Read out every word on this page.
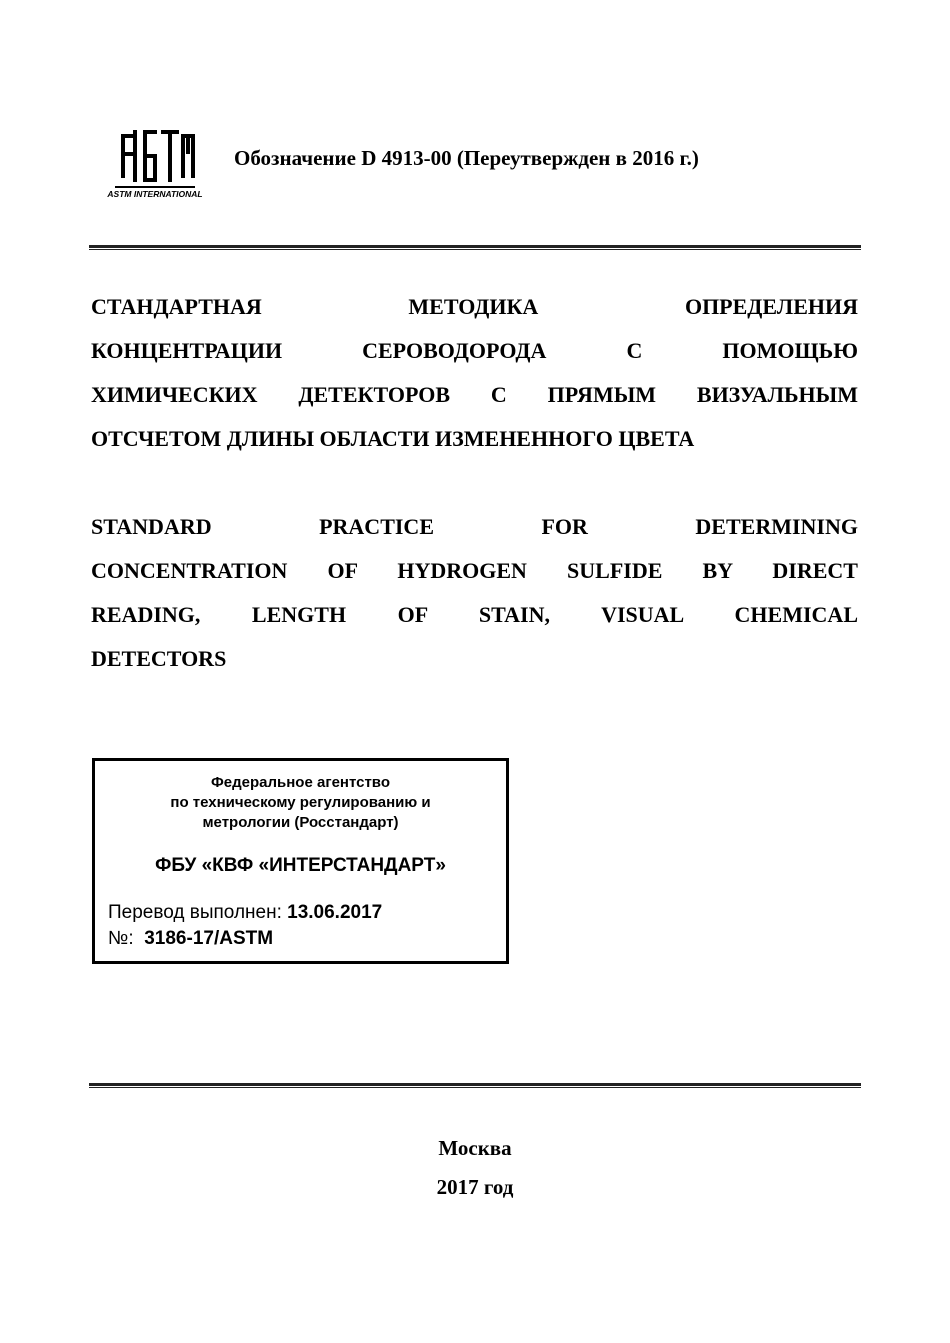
ASTM INTERNATIONAL
Обозначение D 4913-00 (Переутвержден в 2016 г.)
СТАНДАРТНАЯ МЕТОДИКА ОПРЕДЕЛЕНИЯ
КОНЦЕНТРАЦИИ СЕРОВОДОРОДА С ПОМОЩЬЮ
ХИМИЧЕСКИХ ДЕТЕКТОРОВ С ПРЯМЫМ ВИЗУАЛЬНЫМ
ОТСЧЕТОМ ДЛИНЫ ОБЛАСТИ ИЗМЕНЕННОГО ЦВЕТА
STANDARD PRACTICE FOR DETERMINING
CONCENTRATION OF HYDROGEN SULFIDE BY DIRECT
READING, LENGTH OF STAIN, VISUAL CHEMICAL
DETECTORS
Федеральное агентство
по техническому регулированию и
метрологии (Росстандарт)
ФБУ «КВФ «ИНТЕРСТАНДАРТ»
Перевод выполнен: 13.06.2017
№: 3186-17/ASTM
Москва
2017 год
